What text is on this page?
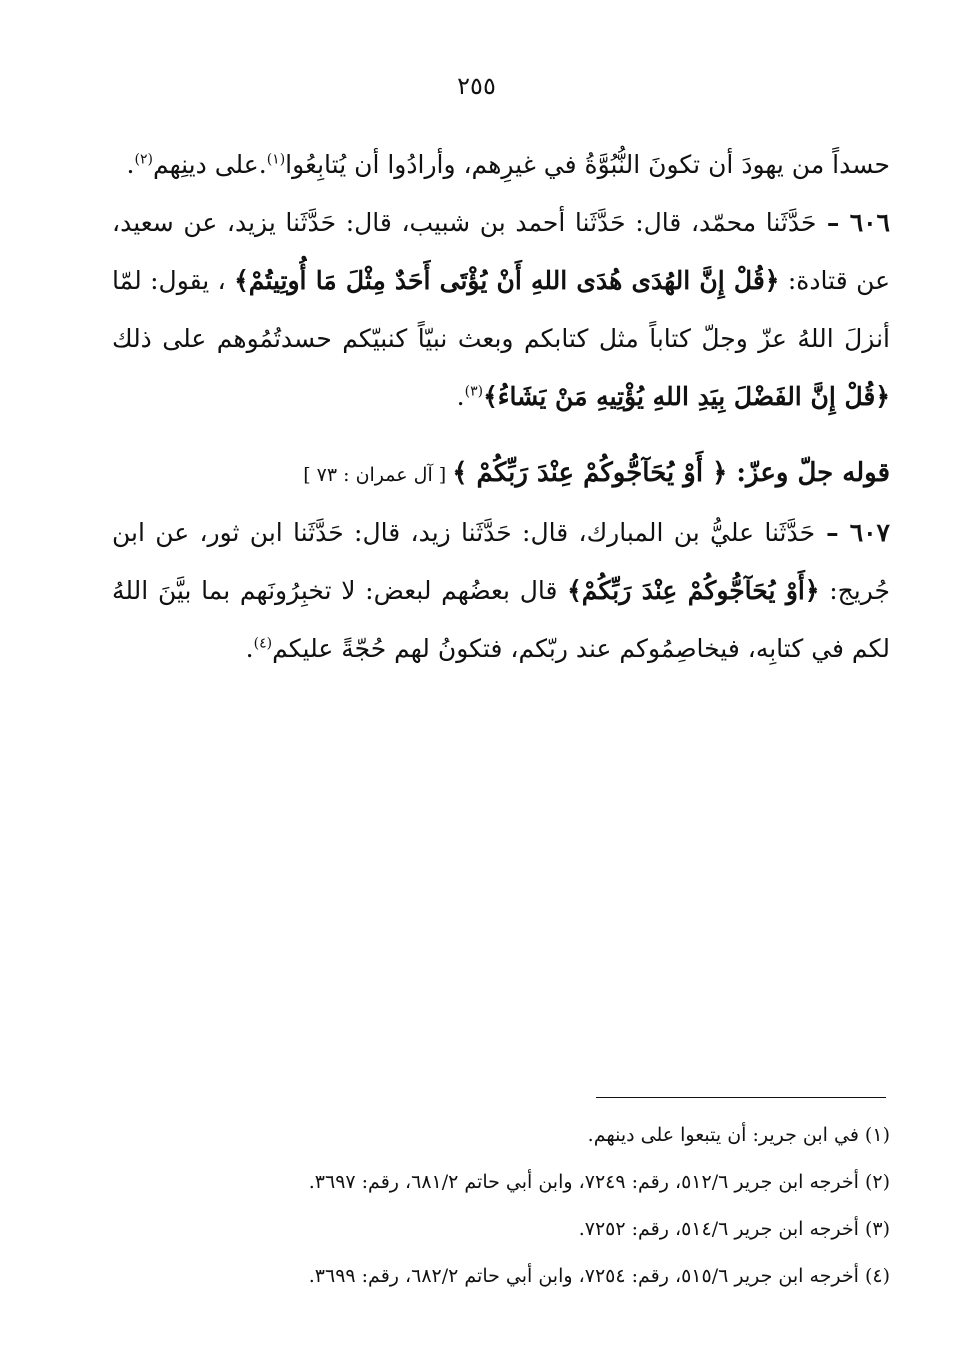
٢٥٥

حسداً من يهودَ أن تكونَ النُّبُوَّةُ في غيرِهم، وأرادُوا أن يُتابِعُوا$^{(١)}$.على دينِهم$^{(٢)}$.

٦٠٦ – حَدَّثَنا محمّد، قال: حَدَّثَنا أحمد بن شبيب، قال: حَدَّثَنا يزيد، عن سعيد، عن قتادة: ﴿قُلْ إِنَّ الهُدَى هُدَى اللهِ أَنْ يُؤْتَى أَحَدٌ مِثْلَ مَا أُوتِيتُمْ﴾ ، يقول: لمّا أنزلَ اللهُ عزّ وجلّ كتاباً مثل كتابكم وبعث نبيّاً كنبيّكم حسدتُمُوهم على ذلك ﴿قُلْ إِنَّ الفَضْلَ بِيَدِ اللهِ يُؤْتِيهِ مَنْ يَشَاءُ﴾$^{(٣)}$.

قوله جلّ وعزّ: ﴿ أَوْ يُحَآجُّوكُمْ عِنْدَ رَبِّكُمْ ﴾ [ آل عمران : ٧٣ ]

٦٠٧ – حَدَّثَنا عليُّ بن المبارك، قال: حَدَّثَنا زيد، قال: حَدَّثَنا ابن ثور، عن ابن جُريج: ﴿أَوْ يُحَآجُّوكُمْ عِنْدَ رَبِّكُمْ﴾ قال بعضُهم لبعض: لا تخبِرُونَهم بما بيَّنَ اللهُ لكم في كتابِه، فيخاصِمُوكم عند ربّكم، فتكونُ لهم حُجّةً عليكم$^{(٤)}$.

(١) في ابن جرير: أن يتبعوا على دينهم.

(٢) أخرجه ابن جرير ٥١٢/٦، رقم: ٧٢٤٩، وابن أبي حاتم ٦٨١/٢، رقم: ٣٦٩٧.

(٣) أخرجه ابن جرير ٥١٤/٦، رقم: ٧٢٥٢.

(٤) أخرجه ابن جرير ٥١٥/٦، رقم: ٧٢٥٤، وابن أبي حاتم ٦٨٢/٢، رقم: ٣٦٩٩.
